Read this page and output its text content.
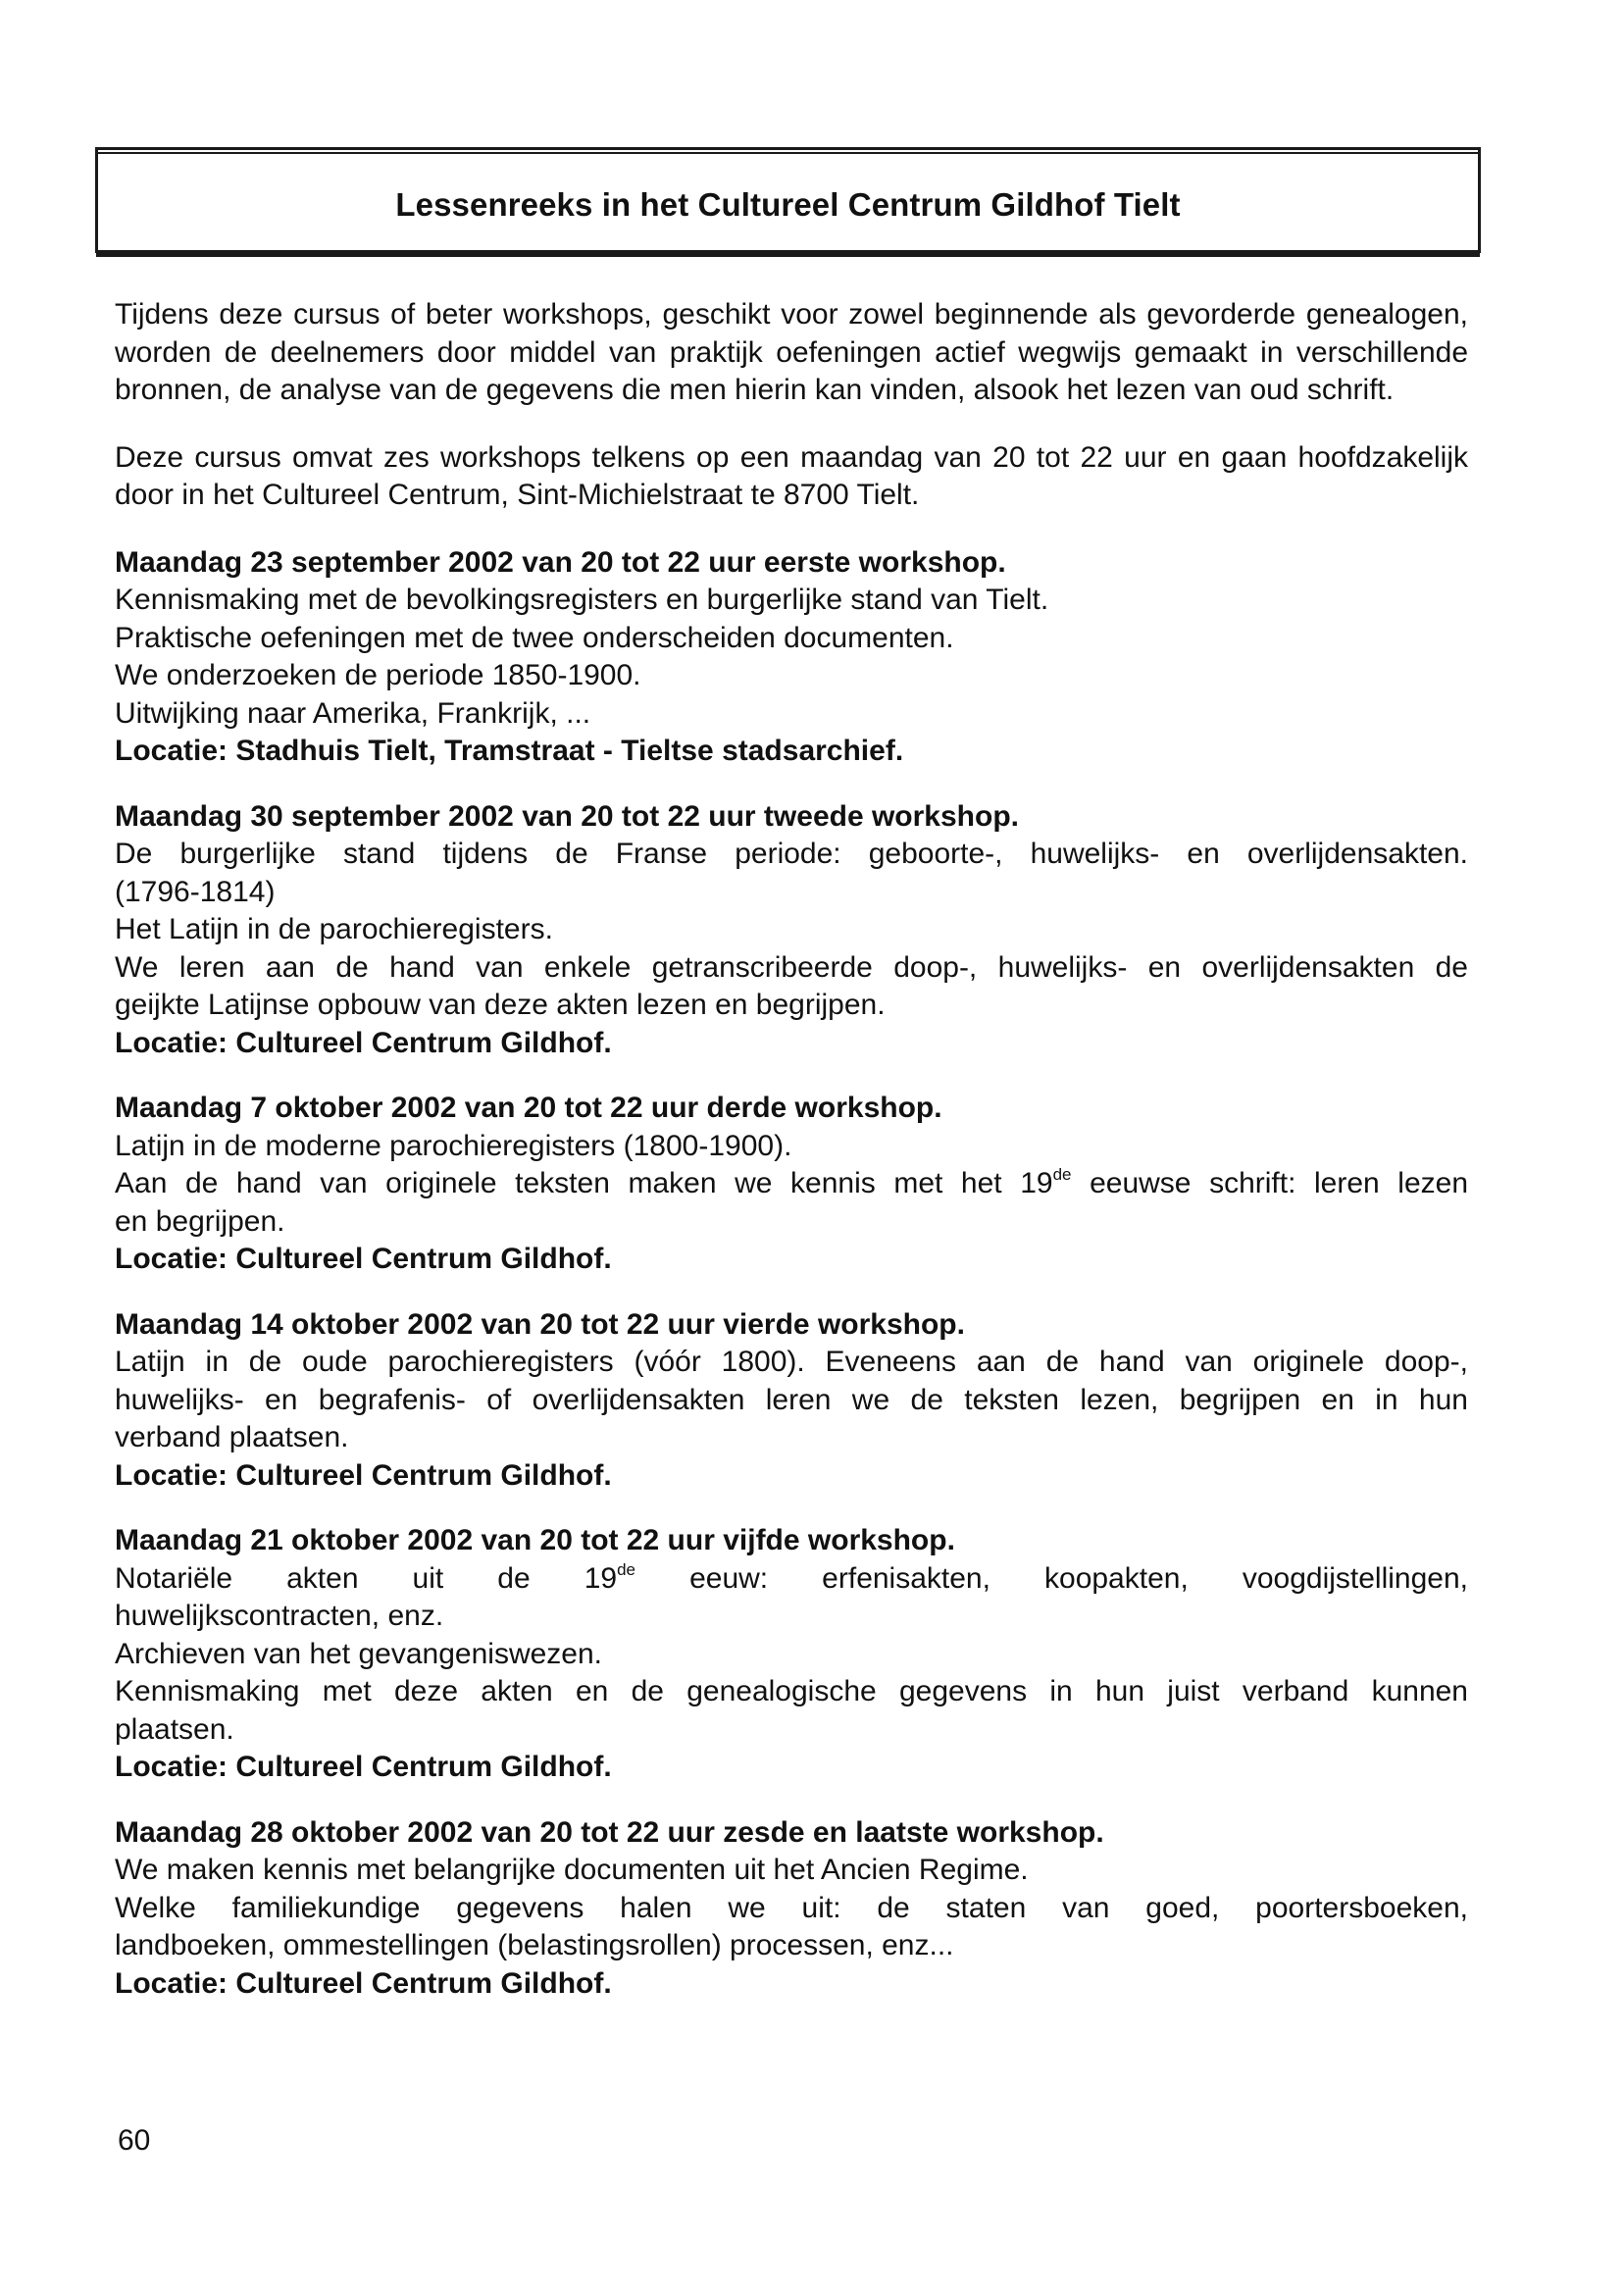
Lessenreeks in het Cultureel Centrum Gildhof Tielt

Tijdens deze cursus of beter workshops, geschikt voor zowel beginnende als gevorderde genealogen, worden de deelnemers door middel van praktijk oefeningen actief wegwijs gemaakt in verschillende bronnen, de analyse van de gegevens die men hierin kan vinden, alsook het lezen van oud schrift.

Deze cursus omvat zes workshops telkens op een maandag van 20 tot 22 uur en gaan hoofdzakelijk door in het Cultureel Centrum, Sint-Michielstraat te 8700 Tielt.

Maandag 23 september 2002 van 20 tot 22 uur eerste workshop.
Kennismaking met de bevolkingsregisters en burgerlijke stand van Tielt.
Praktische oefeningen met de twee onderscheiden documenten.
We onderzoeken de periode 1850-1900.
Uitwijking naar Amerika, Frankrijk, ...
Locatie: Stadhuis Tielt, Tramstraat - Tieltse stadsarchief.
Maandag 30 september 2002 van 20 tot 22 uur tweede workshop.
De burgerlijke stand tijdens de Franse periode: geboorte-, huwelijks- en overlijdensakten.
(1796-1814)
Het Latijn in de parochieregisters.
We leren aan de hand van enkele getranscribeerde doop-, huwelijks- en overlijdensakten de
geijkte Latijnse opbouw van deze akten lezen en begrijpen.
Locatie: Cultureel Centrum Gildhof.
Maandag 7 oktober 2002 van 20 tot 22 uur derde workshop.
Latijn in de moderne parochieregisters (1800-1900).
Aan de hand van originele teksten maken we kennis met het 19de eeuwse schrift: leren lezen
en begrijpen.
Locatie: Cultureel Centrum Gildhof.
Maandag 14 oktober 2002 van 20 tot 22 uur vierde workshop.
Latijn in de oude parochieregisters (vóór 1800). Eveneens aan de hand van originele doop-,
huwelijks- en begrafenis- of overlijdensakten leren we de teksten lezen, begrijpen en in hun
verband plaatsen.
Locatie: Cultureel Centrum Gildhof.
Maandag 21 oktober 2002 van 20 tot 22 uur vijfde workshop.
Notariële   akten   uit   de   19de   eeuw:   erfenisakten,   koopakten,   voogdijstellingen,
huwelijkscontracten, enz.
Archieven van het gevangeniswezen.
Kennismaking met deze akten en de genealogische gegevens in hun juist verband kunnen
plaatsen.
Locatie: Cultureel Centrum Gildhof.
Maandag 28 oktober 2002 van 20 tot 22 uur zesde en laatste workshop.
We maken kennis met belangrijke documenten uit het Ancien Regime.
Welke familiekundige gegevens halen we uit: de staten van goed, poortersboeken,
landboeken, ommestellingen (belastingsrollen) processen, enz...
Locatie: Cultureel Centrum Gildhof.
60
